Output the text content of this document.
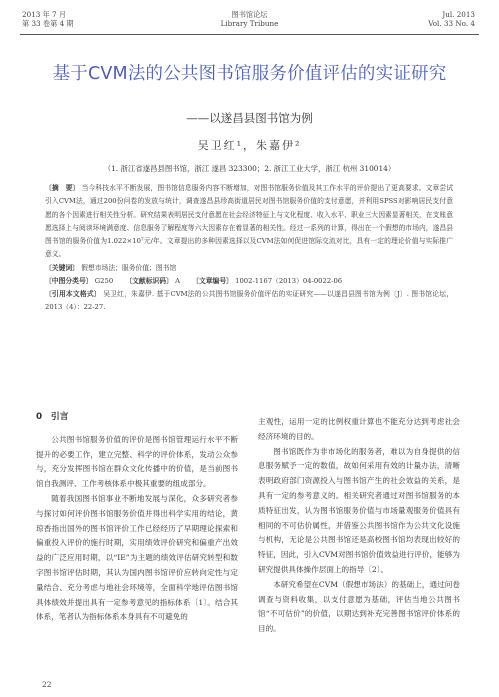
2013 年 7 月
第 33 卷第 4 期
图书馆论坛
Library Tribune
Jul. 2013
Vol. 33 No. 4
基于CVM法的公共图书馆服务价值评估的实证研究
——以遂昌县图书馆为例
吴卫红¹，朱嘉伊²
（1. 浙江省遂昌县图书馆，浙江 遂昌 323300；2. 浙江工业大学，浙江 杭州 310014）
〔摘　要〕 当今科技水平不断发展，图书馆信息服务内容不断增加，对图书馆服务价值及其工作水平的评价提出了更高要求。文章尝试引入CVM法，通过200份问卷的发放与统计，调查遂昌县珍高街道居民对图书馆服务价值的支付意愿，并利用SPSS对影响居民支付意愿的各个因素进行相关性分析。研究结果表明居民支付意愿在社会经济特征上与文化程度、收入水平、职业三大因素显著相关，在支账意愿选择上与阅读环境满意度、信息服务了解程度等六大因素存在着显著的相关性。经过一系列的计算，得出在一个假想的市场内，遂昌县图书馆的服务价值为1.022×10⁷元/年。文章提出的多种因素选择以及CVM法如何促进馆际交流对比，具有一定的理论价值与实际推广意义。
〔关键词〕 假想市场法；服务价值；图书馆
〔中图分类号〕 G250 〔文献标识码〕 A 〔文章编号〕 1002-1167（2013）04-0022-06
〔引用本文格式〕 吴卫红，朱嘉伊. 基于CVM法的公共图书馆服务价值评估的实证研究——以遂昌县图书馆为例〔J〕. 图书馆论坛，2013（4）：22-27.
0　引言

公共图书馆服务价值的评价是图书馆管理运行水平不断提升的必要工作，建立完整、科学的评价体系，发动公众参与，充分发挥图书馆在群众文化传播中的价值，是当前图书馆自我测评、工作考核体系中极其重要的组成部分。

随着我国图书馆事业不断地发展与深化，众多研究者参与探讨如何评价图书馆服务价值并得出科学实用的结论，黄琼香指出国外的图书馆评价工作已经经历了早期理论探索和偏重投入评价的施行时期，实用绩效评价研究和偏重产出效益的广泛应用时期，以“IE”为主题的绩效评估研究转型和数字图书馆评估时期，其认为国内图书馆评价应转向定性与定量结合、充分考虑与地社会环境等，全面科学地评估图书馆具体绩效并提出具有一定参考意见的指标体系〔1〕。结合其体系，笔者认为指标体系本身具有不可避免的

主观性，运用一定的比例权重计算也不能充分达到考虑社会经济环境的目的。

图书馆既作为非市场化的服务者，难以为自身提供的信息服务赋予一定的数值，故如何采用有效的计量办法，清晰表明政府部门资源投入与图书馆产生的社会效益的关系，是具有一定的参考意义的。相关研究者通过对图书馆服务的本质特征出发，认为图书馆服务价值与市场量观服务价值具有相同的不可估价属性，并借鉴公共图书馆作为公共文化设施与机构，无论是公共图书馆还是高校图书馆均表现出较好的特征，因此，引入CVM对图书馆价值效益进行评价，能够为研究提供具体操作层面上的指导〔2〕。

本研究希望在CVM（假想市场法）的基础上，通过问卷调查与资料收集，以支付意愿为基础，评估当地公共图书馆“不可估价”的价值，以期达到补充完善图书馆评价体系的目的。

22
